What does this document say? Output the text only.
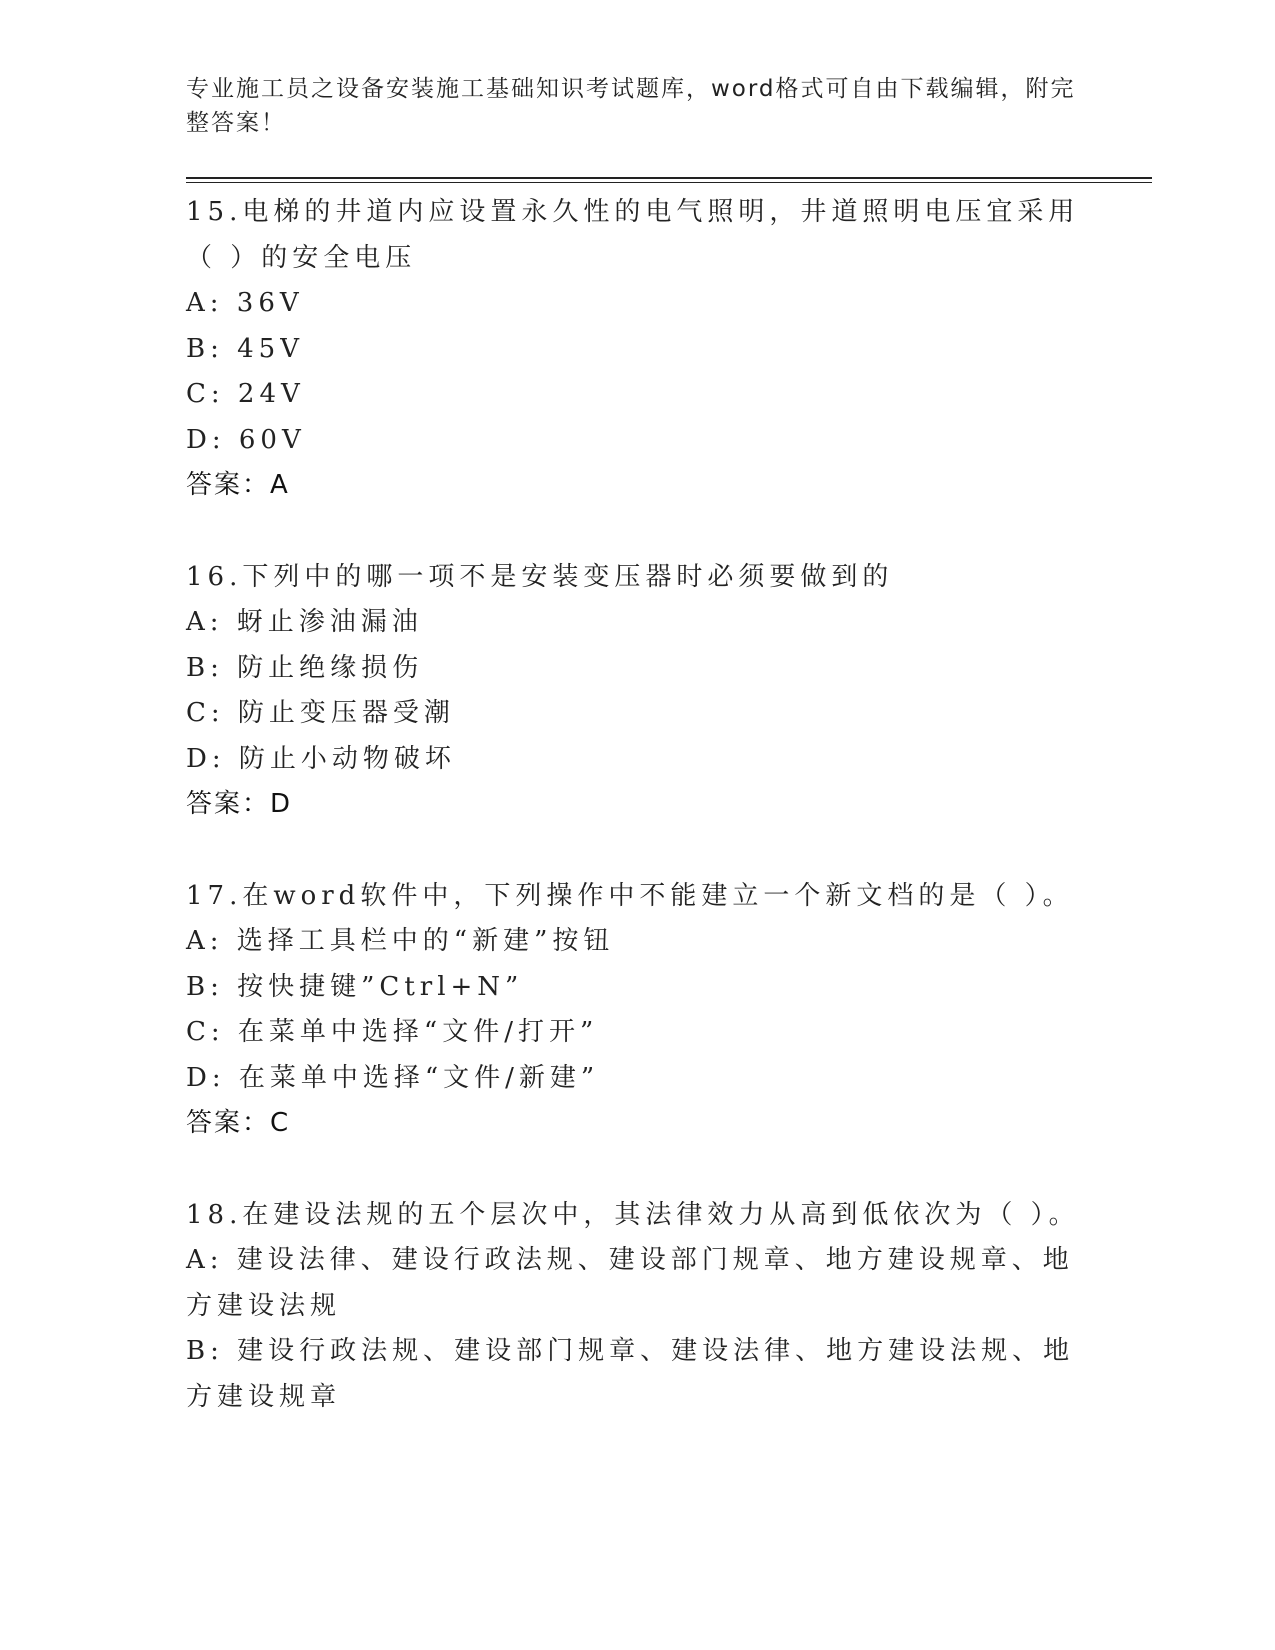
专业施工员之设备安装施工基础知识考试题库，word格式可自由下载编辑，附完整答案！
15.电梯的井道内应设置永久性的电气照明，井道照明电压宜采用（ ）的安全电压
A: 36V
B: 45V
C: 24V
D: 60V
答案：A
16.下列中的哪一项不是安装变压器时必须要做到的
A: 蚜止渗油漏油
B: 防止绝缘损伤
C: 防止变压器受潮
D: 防止小动物破坏
答案：D
17.在word软件中，下列操作中不能建立一个新文档的是（ ）。
A: 选择工具栏中的“新建”按钮
B: 按快捷键”Ctrl+N”
C: 在菜单中选择“文件/打开”
D: 在菜单中选择“文件/新建”
答案：C
18.在建设法规的五个层次中，其法律效力从高到低依次为（ ）。
A: 建设法律、建设行政法规、建设部门规章、地方建设规章、地方建设法规
B: 建设行政法规、建设部门规章、建设法律、地方建设法规、地方建设规章
